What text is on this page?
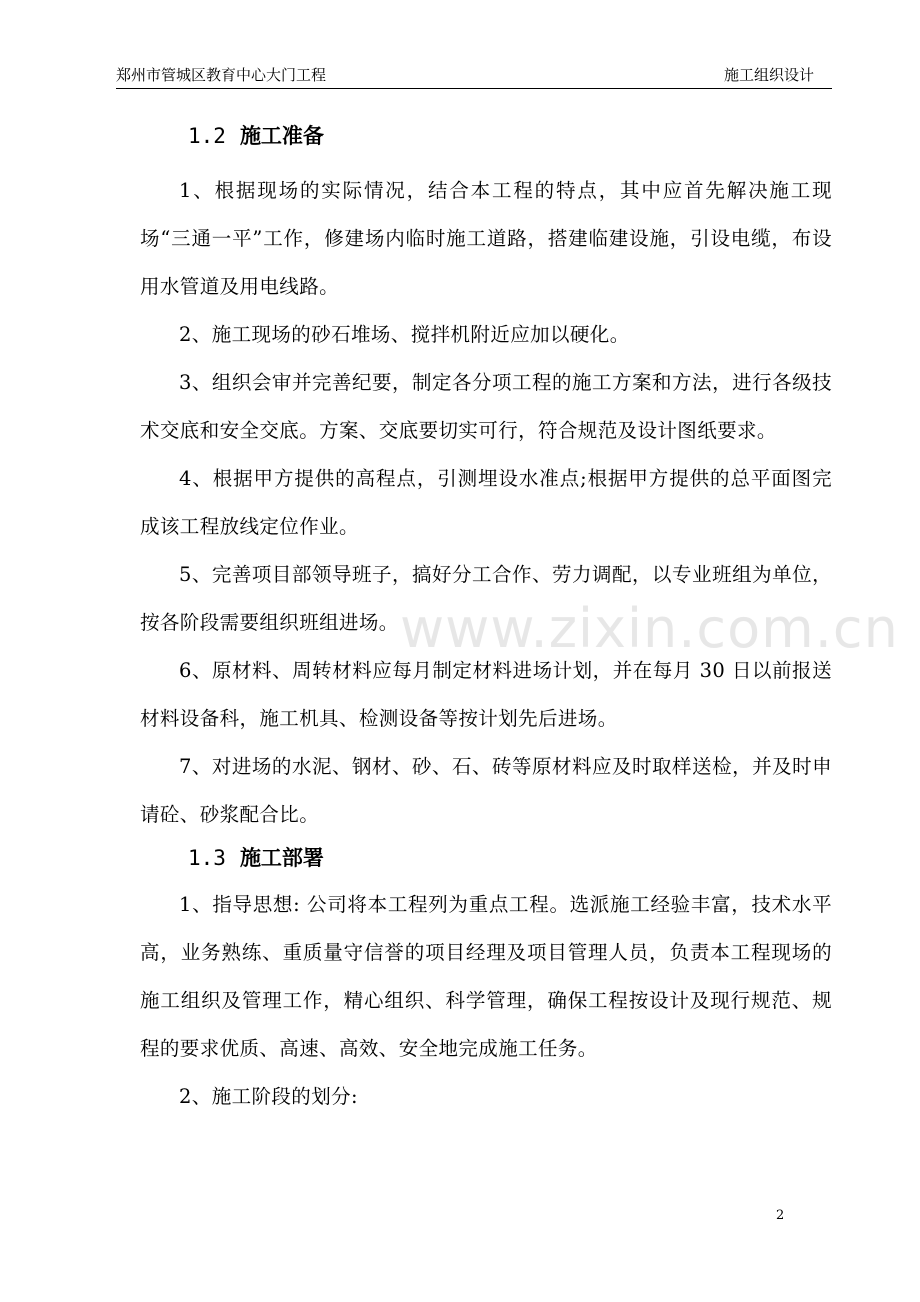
郑州市管城区教育中心大门工程	施工组织设计
1.2 施工准备

1、根据现场的实际情况，结合本工程的特点，其中应首先解决施工现场“三通一平”工作，修建场内临时施工道路，搭建临建设施，引设电缆，布设用水管道及用电线路。

2、施工现场的砂石堆场、搅拌机附近应加以硬化。

3、组织会审并完善纪要，制定各分项工程的施工方案和方法，进行各级技术交底和安全交底。方案、交底要切实可行，符合规范及设计图纸要求。

4、根据甲方提供的高程点，引测埋设水准点;根据甲方提供的总平面图完成该工程放线定位作业。

5、完善项目部领导班子，搞好分工合作、劳力调配，以专业班组为单位，按各阶段需要组织班组进场。

6、原材料、周转材料应每月制定材料进场计划，并在每月 30 日以前报送材料设备科，施工机具、检测设备等按计划先后进场。

7、对进场的水泥、钢材、砂、石、砖等原材料应及时取样送检，并及时申请砼、砂浆配合比。

1.3 施工部署

1、指导思想: 公司将本工程列为重点工程。选派施工经验丰富，技术水平高，业务熟练、重质量守信誉的项目经理及项目管理人员，负责本工程现场的施工组织及管理工作，精心组织、科学管理，确保工程按设计及现行规范、规程的要求优质、高速、高效、安全地完成施工任务。

2、施工阶段的划分:

www.zixin.com.cn
2
